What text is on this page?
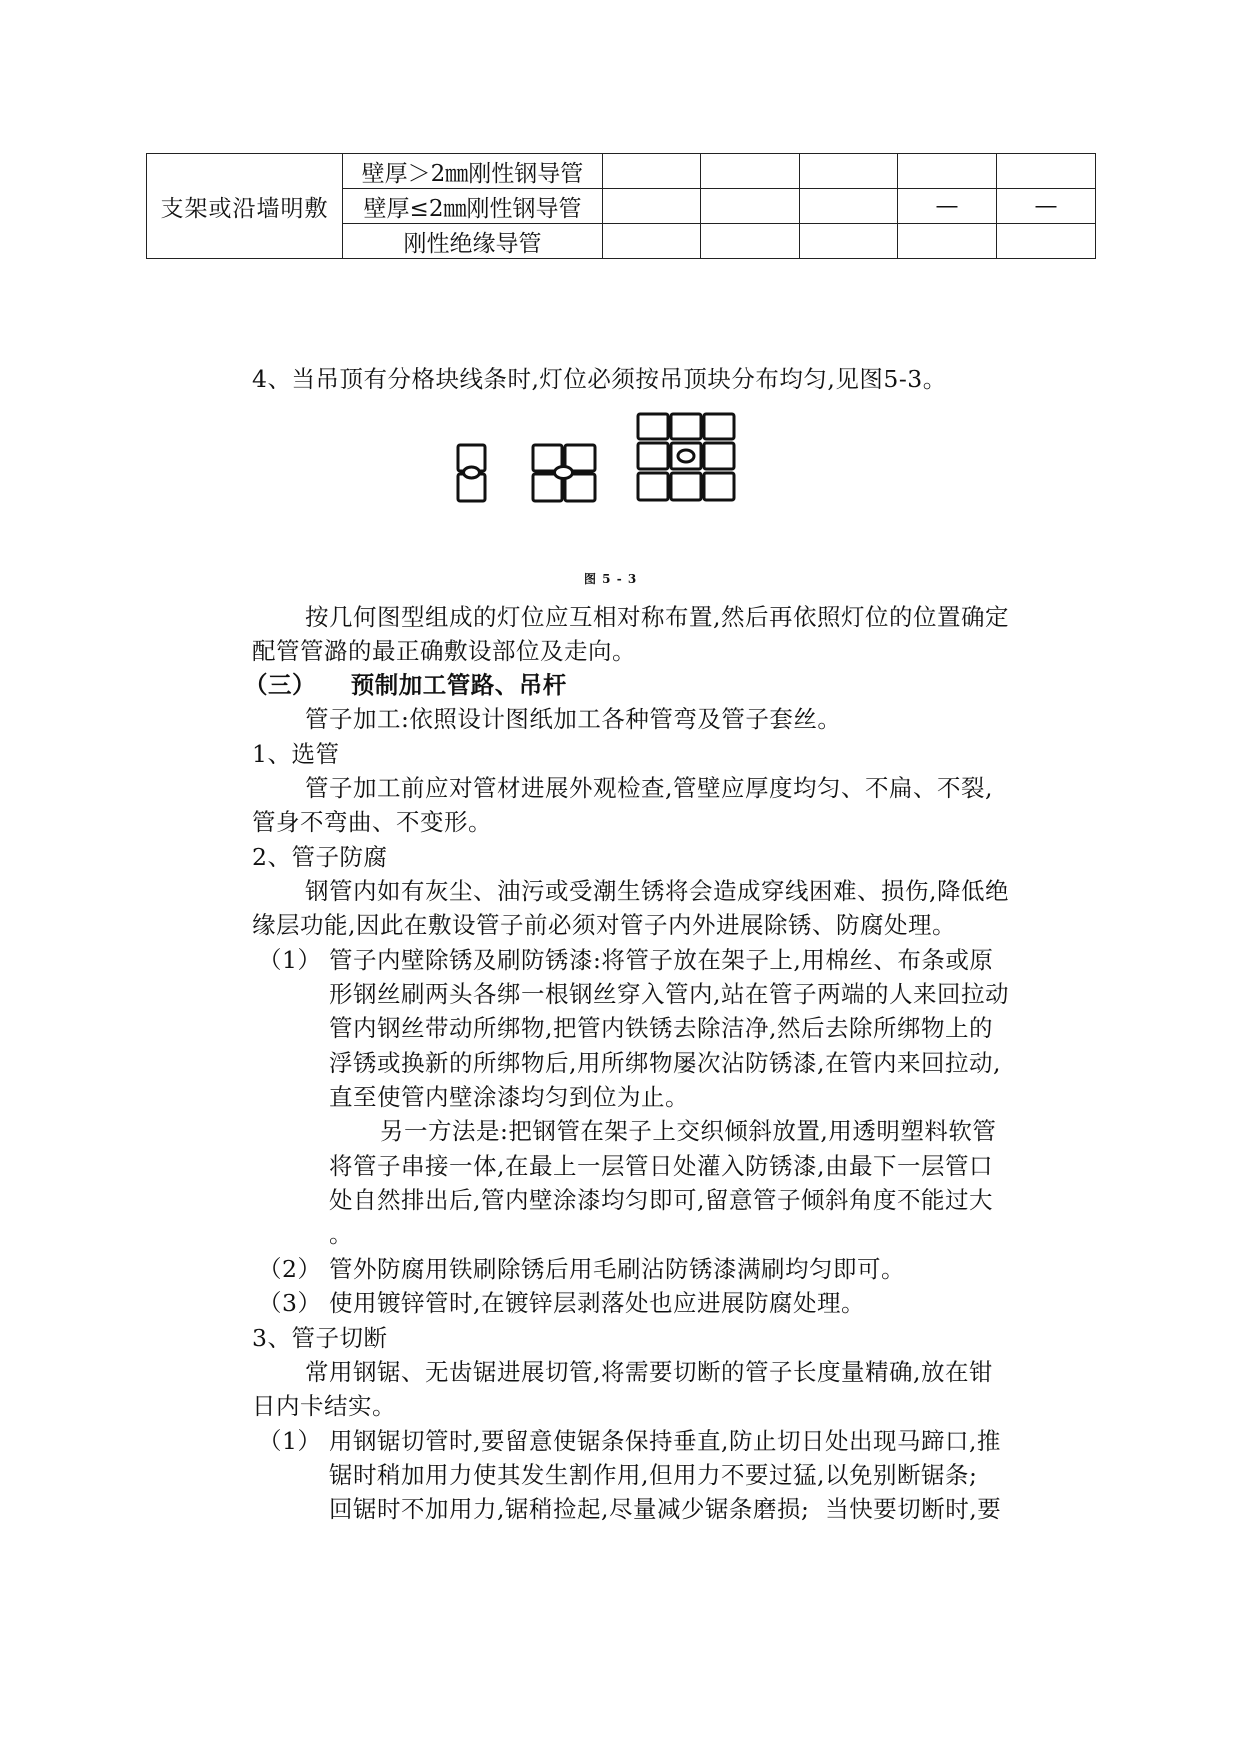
支架或沿墙明敷	壁厚＞2㎜刚性钢导管					
	壁厚≤2㎜刚性钢导管				—	—
	刚性绝缘导管					
4、当吊顶有分格块线条时,灯位必须按吊顶块分布均匀,见图5-3。
图 5 - 3
按几何图型组成的灯位应互相对称布置,然后再依照灯位的位置确定
配管管潞的最正确敷设部位及走向。
（三）    预制加工管路、吊杆
管子加工:依照设计图纸加工各种管弯及管子套丝。
1、选管
管子加工前应对管材进展外观检查,管壁应厚度均匀、不扁、不裂,
管身不弯曲、不变形。
2、管子防腐
钢管内如有灰尘、油污或受潮生锈将会造成穿线困难、损伤,降低绝
缘层功能,因此在敷设管子前必须对管子内外进展除锈、防腐处理。
（1） 管子内壁除锈及刷防锈漆:将管子放在架子上,用棉丝、布条或原
形钢丝刷两头各绑一根钢丝穿入管内,站在管子两端的人来回拉动
管内钢丝带动所绑物,把管内铁锈去除洁净,然后去除所绑物上的
浮锈或换新的所绑物后,用所绑物屡次沾防锈漆,在管内来回拉动,
直至使管内壁涂漆均匀到位为止。
另一方法是:把钢管在架子上交织倾斜放置,用透明塑料软管
将管子串接一体,在最上一层管日处灌入防锈漆,由最下一层管口
处自然排出后,管内壁涂漆均匀即可,留意管子倾斜角度不能过大
。
（2） 管外防腐用铁刷除锈后用毛刷沾防锈漆满刷均匀即可。
（3） 使用镀锌管时,在镀锌层剥落处也应进展防腐处理。
3、管子切断
常用钢锯、无齿锯进展切管,将需要切断的管子长度量精确,放在钳
日内卡结实。
（1） 用钢锯切管时,要留意使锯条保持垂直,防止切日处出现马蹄口,推
锯时稍加用力使其发生割作用,但用力不要过猛,以免别断锯条;
回锯时不加用力,锯稍捡起,尽量减少锯条磨损;  当快要切断时,要
